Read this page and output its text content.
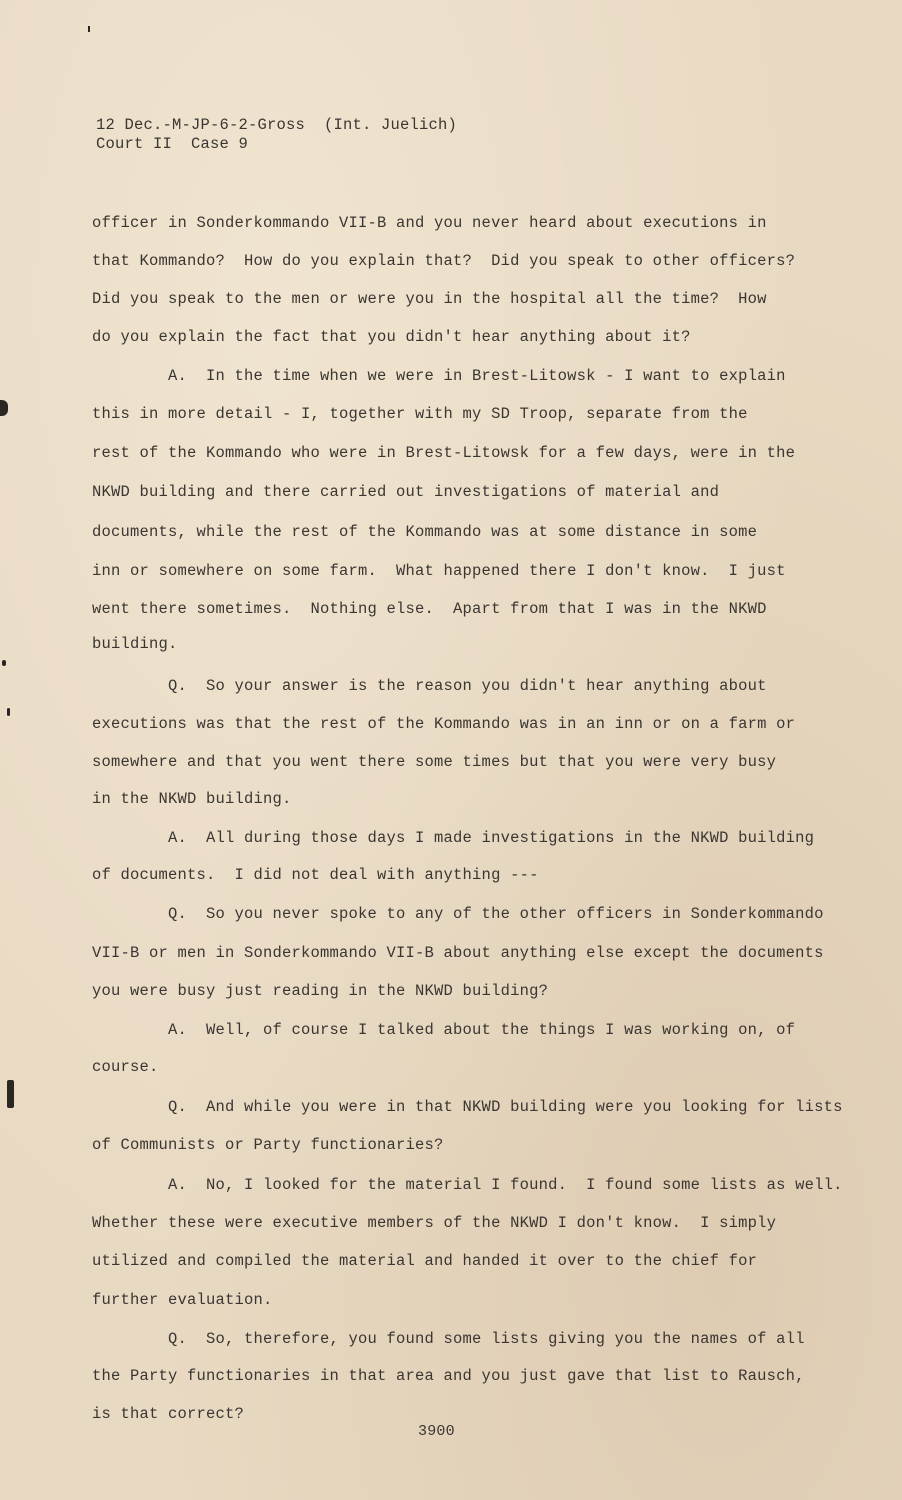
12 Dec.-M-JP-6-2-Gross  (Int. Juelich)

Court II  Case 9

officer in Sonderkommando VII-B and you never heard about executions in

that Kommando?  How do you explain that?  Did you speak to other officers?

Did you speak to the men or were you in the hospital all the time?  How

do you explain the fact that you didn't hear anything about it?

A.  In the time when we were in Brest-Litowsk - I want to explain

this in more detail - I, together with my SD Troop, separate from the

rest of the Kommando who were in Brest-Litowsk for a few days, were in the

NKWD building and there carried out investigations of material and

documents, while the rest of the Kommando was at some distance in some

inn or somewhere on some farm.  What happened there I don't know.  I just

went there sometimes.  Nothing else.  Apart from that I was in the NKWD

building.

Q.  So your answer is the reason you didn't hear anything about

executions was that the rest of the Kommando was in an inn or on a farm or

somewhere and that you went there some times but that you were very busy

in the NKWD building.

A.  All during those days I made investigations in the NKWD building

of documents.  I did not deal with anything ---

Q.  So you never spoke to any of the other officers in Sonderkommando

VII-B or men in Sonderkommando VII-B about anything else except the documents

you were busy just reading in the NKWD building?

A.  Well, of course I talked about the things I was working on, of

course.

Q.  And while you were in that NKWD building were you looking for lists

of Communists or Party functionaries?

A.  No, I looked for the material I found.  I found some lists as well.

Whether these were executive members of the NKWD I don't know.  I simply

utilized and compiled the material and handed it over to the chief for

further evaluation.

Q.  So, therefore, you found some lists giving you the names of all

the Party functionaries in that area and you just gave that list to Rausch,

is that correct?

3900
